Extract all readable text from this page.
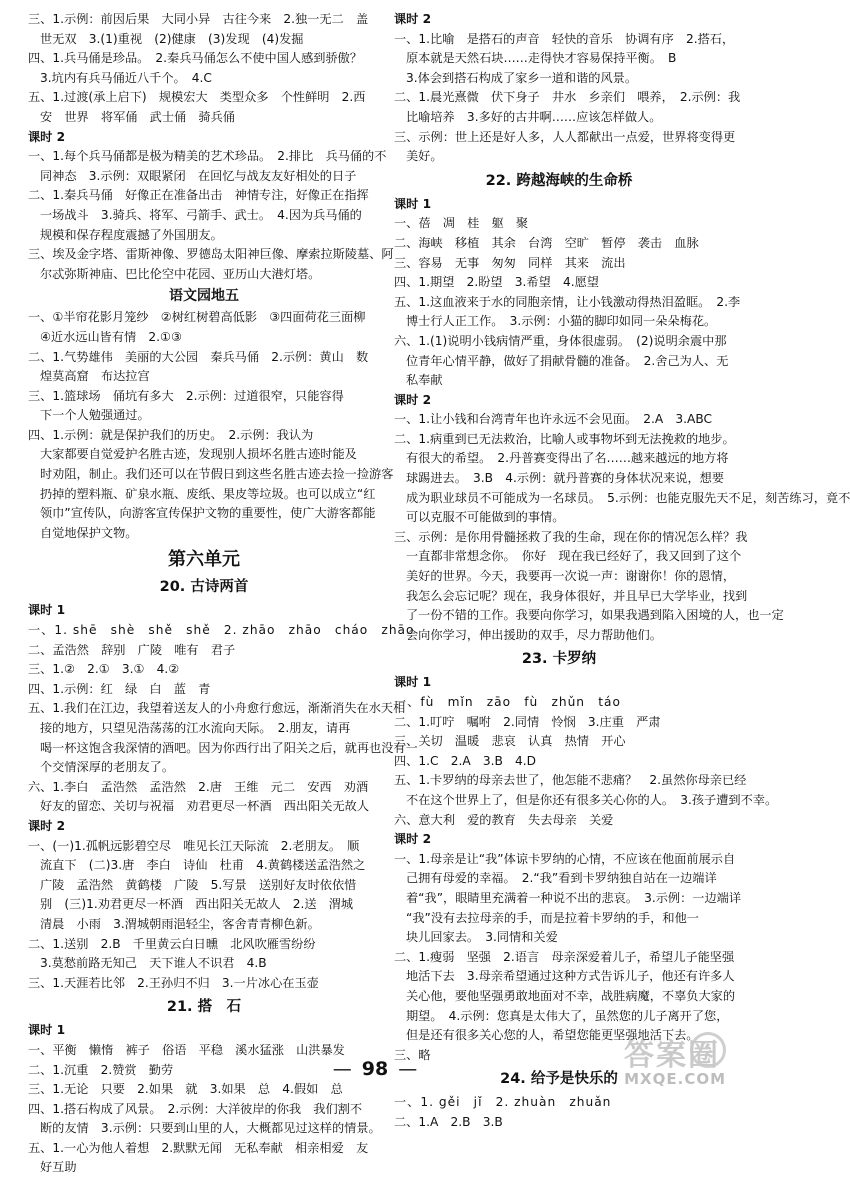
三、1.示例：前因后果　大同小异　古往今来　2.独一无二　盖
世无双　3.(1)重视　(2)健康　(3)发现　(4)发掘
四、1.兵马俑是珍品。　2.秦兵马俑怎么不使中国人感到骄傲？
3.坑内有兵马俑近八千个。　4.C
五、1.过渡(承上启下)　规模宏大　类型众多　个性鲜明　2.西
安　世界　将军俑　武士俑　骑兵俑
课时 2
一、1.每个兵马俑都是极为精美的艺术珍品。　2.排比　兵马俑的不
同神态　3.示例：双眼紧闭　在回忆与战友友好相处的日子
二、1.秦兵马俑　好像正在准备出击　神情专注，好像正在指挥
一场战斗　3.骑兵、将军、弓箭手、武士。　4.因为兵马俑的
规模和保存程度震撼了外国朋友。
三、埃及金字塔、雷斯神像、罗德岛太阳神巨像、摩索拉斯陵墓、阿
尔忒弥斯神庙、巴比伦空中花园、亚历山大港灯塔。
语文园地五
一、①半帘花影月笼纱　②树红树碧高低影　③四面荷花三面柳
④近水远山皆有情　2.①③
二、1.气势雄伟　美丽的大公园　秦兵马俑　2.示例：黄山　数
煌莫高窟　布达拉宫
三、1.篮球场　俑坑有多大　2.示例：过道很窄，只能容得
下一个人勉强通过。
四、1.示例：就是保护我们的历史。　2.示例：我认为
大家都要自觉爱护名胜古迹，发现别人损坏名胜古迹时能及
时劝阻，制止。我们还可以在节假日到这些名胜古迹去捡一捡游客
扔掉的塑料瓶、矿泉水瓶、废纸、果皮等垃圾。也可以成立“红
领巾”宣传队，向游客宣传保护文物的重要性，使广大游客都能
自觉地保护文物。
第六单元
20. 古诗两首
课时 1
一、1. shē　shè　shě　shě　2. zhāo　zhāo　cháo　zhāo
二、孟浩然　辞别　广陵　唯有　君子
三、1.②　2.①　3.①　4.②
四、1.示例：红　绿　白　蓝　青
五、1.我们在江边，我望着送友人的小舟愈行愈远，渐渐消失在水天相
接的地方，只望见浩荡荡的江水流向天际。　2.朋友，请再
喝一杯这饱含我深情的酒吧。因为你西行出了阳关之后，就再也没有一
个交情深厚的老朋友了。
六、1.李白　孟浩然　孟浩然　2.唐　王维　元二　安西　劝酒
好友的留恋、关切与祝福　劝君更尽一杯酒　西出阳关无故人
课时 2
一、(一)1.孤帆远影碧空尽　唯见长江天际流　2.老朋友。　顺
流直下　(二)3.唐　李白　诗仙　杜甫　4.黄鹤楼送孟浩然之
广陵　孟浩然　黄鹤楼　广陵　5.写景　送别好友时依依惜
别　(三)1.劝君更尽一杯酒　西出阳关无故人　2.送　渭城
清晨　小雨　3.渭城朝雨浥轻尘，客舍青青柳色新。
二、1.送别　2.B　千里黄云白日曛　北风吹雁雪纷纷
3.莫愁前路无知己　天下谁人不识君　4.B
三、1.天涯若比邻　2.王孙归不归　3.一片冰心在玉壶
21. 搭　石
课时 1
一、平衡　懒惰　裤子　俗语　平稳　溪水猛涨　山洪暴发
二、1.沉重　2.赞赏　勤劳
三、1.无论　只要　2.如果　就　3.如果　总　4.假如　总
四、1.搭石构成了风景。　2.示例：大洋彼岸的你我　我们割不
断的友情　3.示例：只要到山里的人，大概都见过这样的情景。
五、1.一心为他人着想　2.默默无闻　无私奉献　相亲相爱　友
好互助
课时 2
一、1.比喻　是搭石的声音　轻快的音乐　协调有序　2.搭石，
原本就是天然石块……走得快才容易保持平衡。　B
3.体会到搭石构成了家乡一道和谐的风景。
二、1.晨光熹微　伏下身子　井水　乡亲们　喂养，　2.示例：我
比喻培养　3.多好的古井啊……应该怎样做人。
三、示例：世上还是好人多，人人都献出一点爱，世界将变得更
美好。
22. 跨越海峡的生命桥
课时 1
一、蓓　凋　桂　躯　聚
二、海峡　移植　其余　台湾　空旷　暂停　袭击　血脉
三、容易　无事　匆匆　同样　其来　流出
四、1.期望　2.盼望　3.希望　4.愿望
五、1.这血液来于水的同胞亲情，让小钱激动得热泪盈眶。　2.李
博士行人正工作。　3.示例：小猫的脚印如同一朵朵梅花。
六、1.(1)说明小钱病情严重，身体很虚弱。　(2)说明余震中那
位青年心情平静，做好了捐献骨髓的准备。　2.舍己为人、无
私奉献
课时 2
一、1.让小钱和台湾青年也许永远不会见面。　2.A　3.ABC
二、1.病重到已无法救治，比喻人或事物坏到无法挽救的地步。
有很大的希望。　2.丹普赛变得出了名……越来越远的地方将
球踢进去。　3.B　4.示例：就丹普赛的身体状况来说，想要
成为职业球员不可能成为一名球员。　5.示例：也能克服先天不足，刻苦练习，竟不
可以克服不可能做到的事情。
三、示例：是你用骨髓拯救了我的生命，现在你的情况怎么样？我
一直都非常想念你。　你好　现在我已经好了，我又回到了这个
美好的世界。今天，我要再一次说一声：谢谢你！你的恩情，
我怎么会忘记呢？现在，我身体很好，并且早已大学毕业，找到
了一份不错的工作。我要向你学习，如果我遇到陷入困境的人，也一定
会向你学习，伸出援助的双手，尽力帮助他们。
23. 卡罗纳
课时 1
一、fù　mǐn　zāo　fù　zhǔn　táo
二、1.叮咛　嘱咐　2.同情　怜悯　3.庄重　严肃
三、关切　温暖　悲哀　认真　热情　开心
四、1.C　2.A　3.B　4.D
五、1.卡罗纳的母亲去世了，他怎能不悲痛？　2.虽然你母亲已经
不在这个世界上了，但是你还有很多关心你的人。　3.孩子遭到不幸。
六、意大利　爱的教育　失去母亲　关爱
课时 2
一、1.母亲是让“我”体谅卡罗纳的心情，不应该在他面前展示自
己拥有母爱的幸福。　2.“我”看到卡罗纳独自站在一边端详
着“我”，眼睛里充满着一种说不出的悲哀。　3.示例：一边端详
“我”没有去拉母亲的手，而是拉着卡罗纳的手，和他一
块儿回家去。　3.同情和关爱
二、1.瘦弱　坚强　2.语言　母亲深爱着儿子，希望儿子能坚强
地活下去　3.母亲希望通过这种方式告诉儿子，他还有许多人
关心他，要他坚强勇敢地面对不幸，战胜病魔，不辜负大家的
期望。　4.示例：您真是太伟大了，虽然您的儿子离开了您，
但是还有很多关心您的人，希望您能更坚强地活下去。
三、略
24. 给予是快乐的
一、1. gěi　jǐ　2. zhuàn　zhuǎn
二、1.A　2.B　3.B
— 98 —	答案圈
MXQE.COM
